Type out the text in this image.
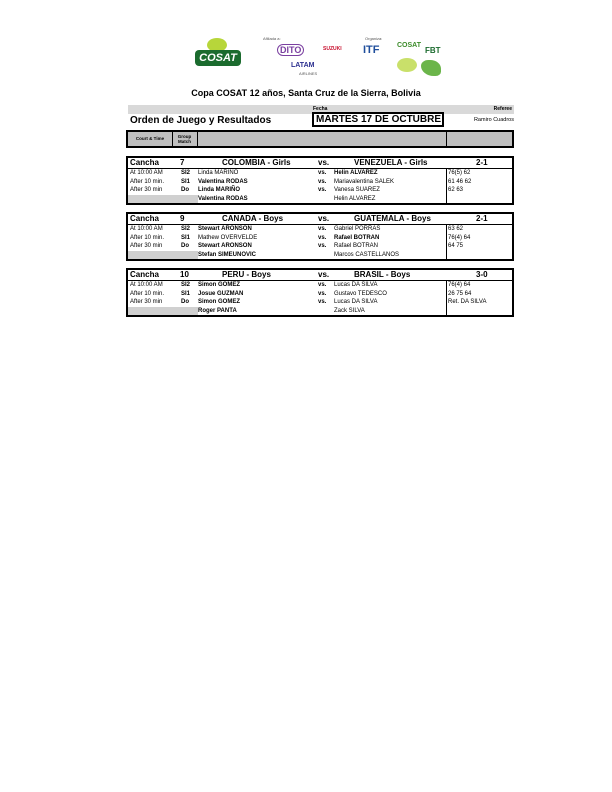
COSAT
Afiliada a:	Organiza:
DITO	SUZUKI ITF	COSAT
FBT
LATAM
AIRLINES
Copa COSAT 12 años, Santa Cruz de la Sierra, Bolivia
Fecha	Referee
Orden de Juego y Resultados	MARTES 17 DE OCTUBRE	Ramiro Cuadros
Court & Time	Group Match
Cancha	7	COLOMBIA - Girls	vs.	VENEZUELA - Girls	2-1
At 10:00 AM	SI2 Linda MARIÑO	vs. Helin ALVAREZ	76(5) 62
After 10 min.	SI1 Valentina RODAS	vs. Mariavalentina SALEK	61 46 62
After 30 min	Do Linda MARIÑO	vs. Vanesa SUAREZ	62 63
Valentina RODAS	Helin ALVAREZ
Cancha	9	CANADA - Boys	vs.	GUATEMALA - Boys	2-1
At 10:00 AM	SI2 Stewart ARONSON	vs. Gabriel PORRAS	63 62
After 10 min.	SI1 Mathew OVERVELDE	vs. Rafael BOTRAN	76(4) 64
After 30 min	Do Stewart ARONSON	vs. Rafael BOTRAN	64 75
Stefan SIMEUNOVIC	Marcos CASTELLANOS
Cancha	10	PERU - Boys	vs.	BRASIL - Boys	3-0
At 10:00 AM	SI2 Simon GOMEZ	vs. Lucas DA SILVA	76(4) 64
After 10 min.	SI1 Josue GUZMAN	vs. Gustavo TEDESCO	26 75 64
After 30 min	Do Simon GOMEZ	vs. Lucas DA SILVA	Ret. DA SILVA
Roger PANTA	Zack SILVA
